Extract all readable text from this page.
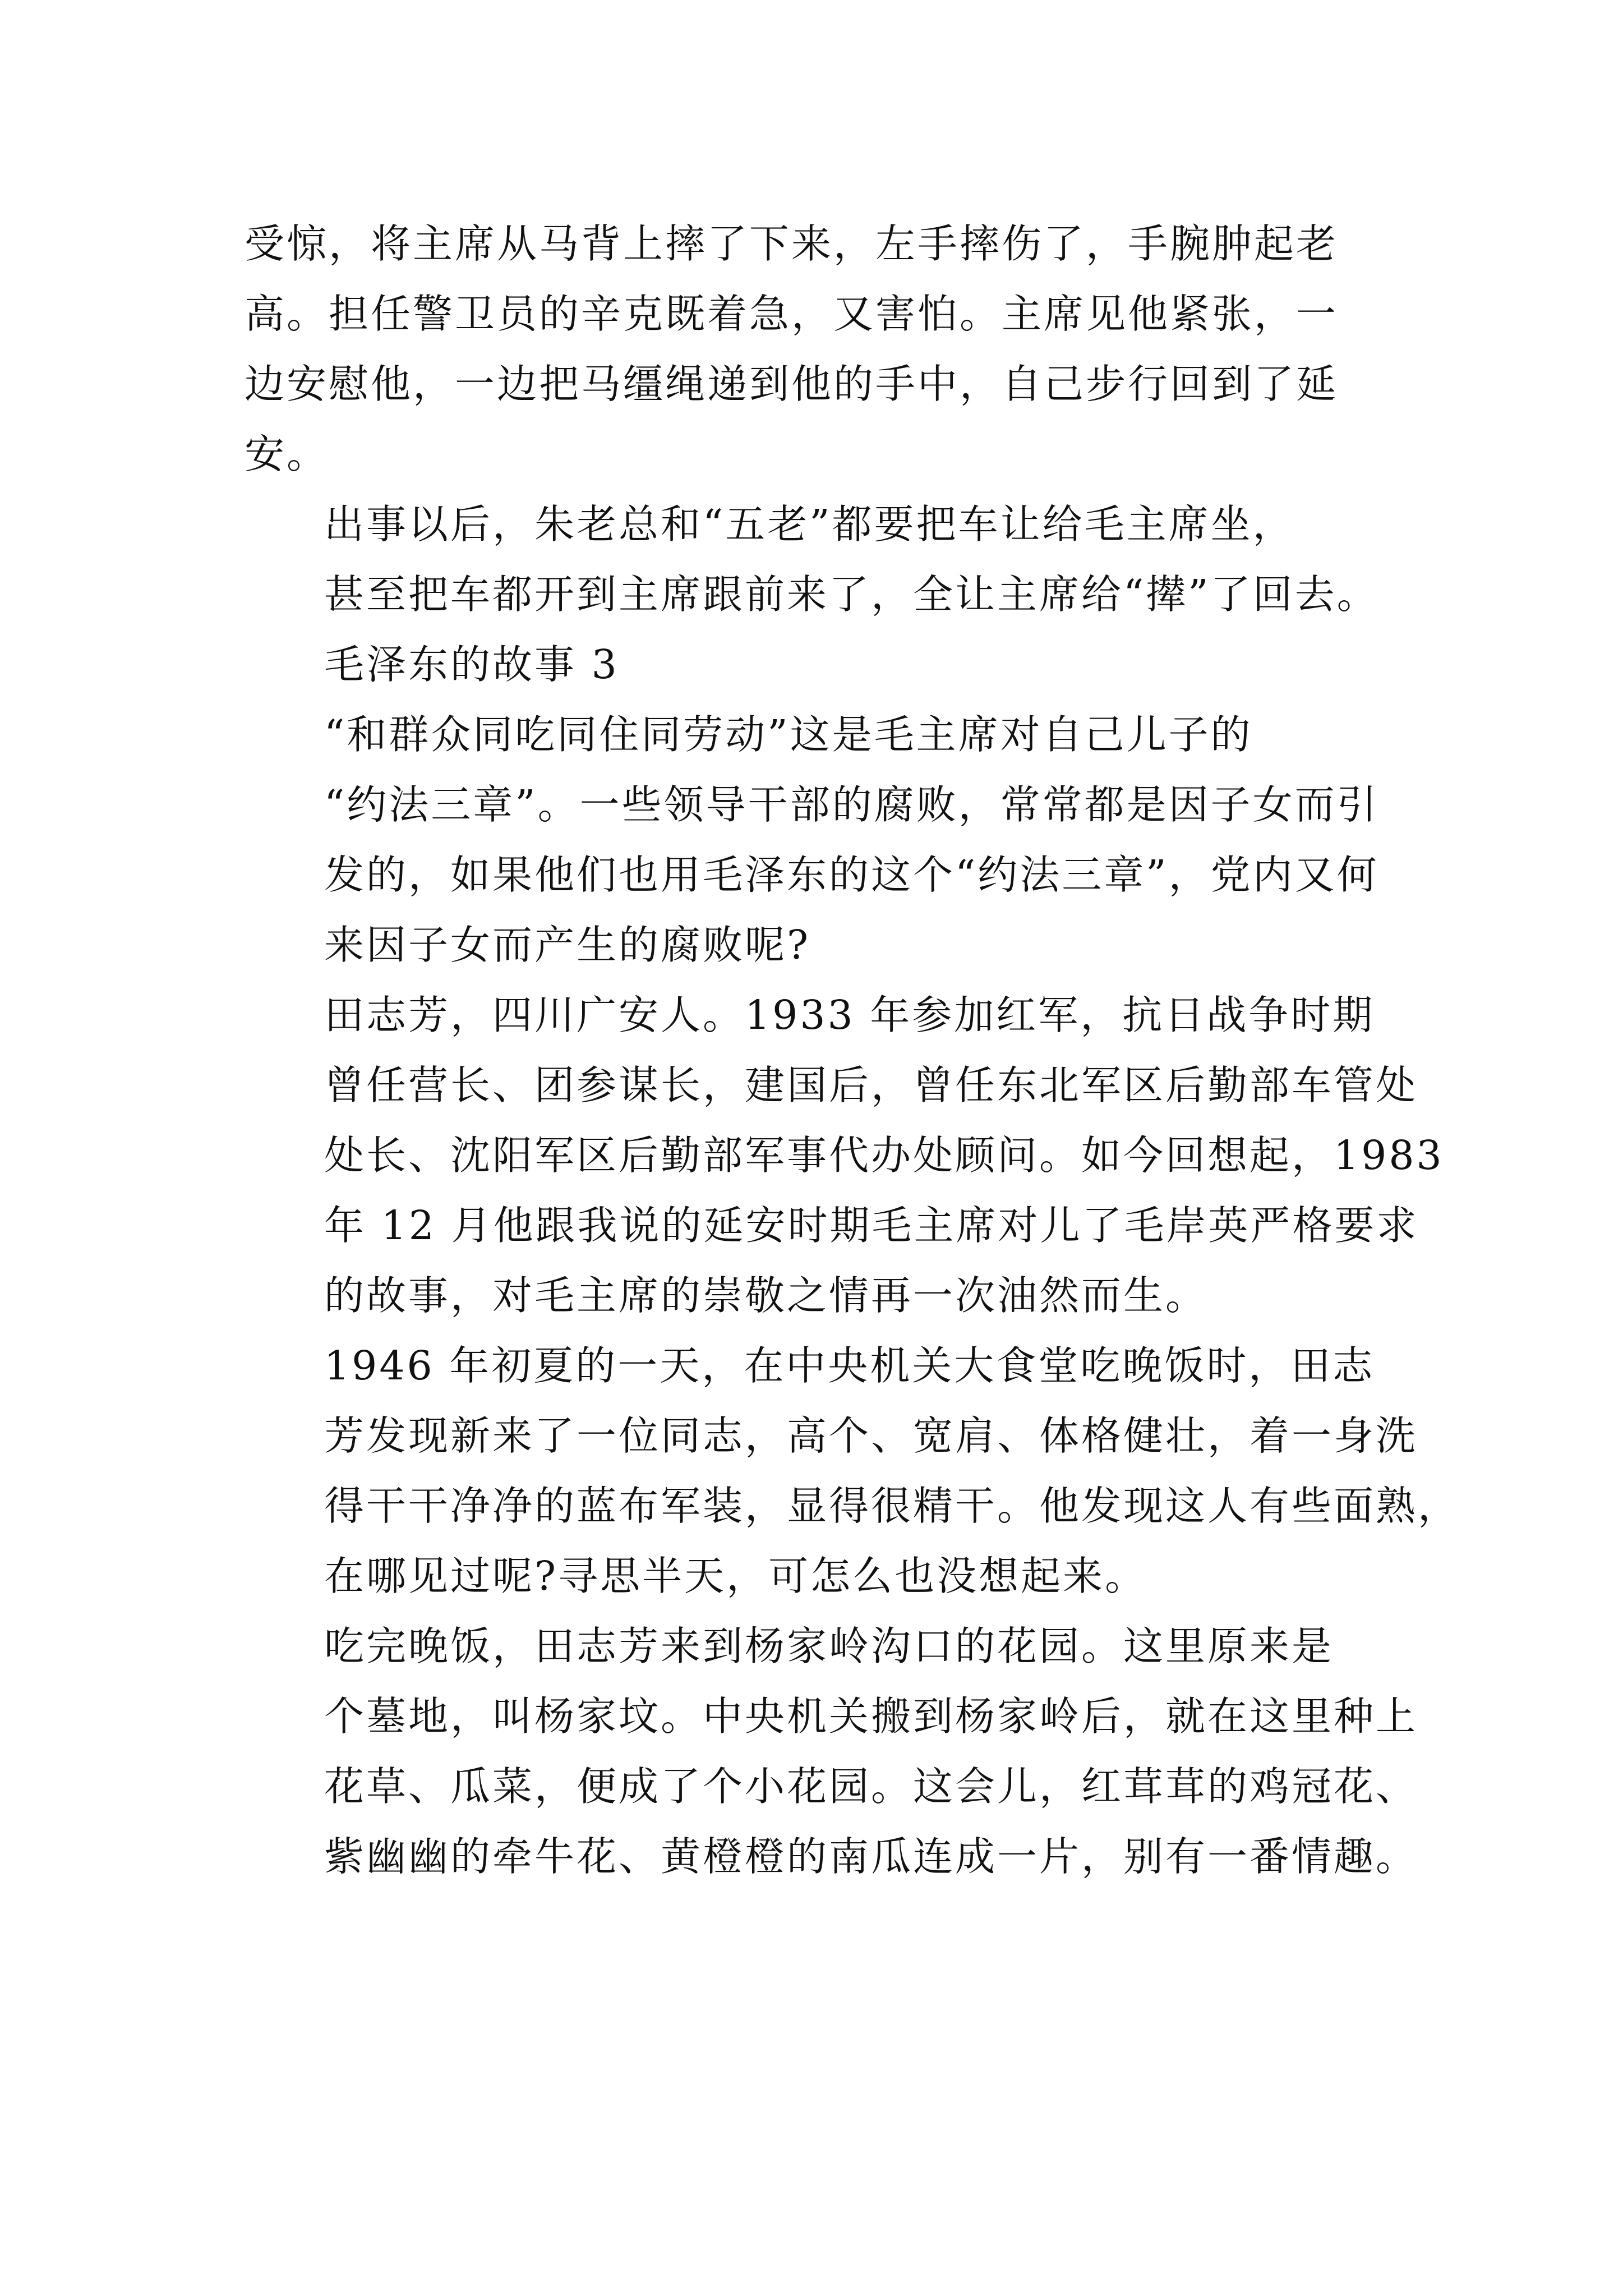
受惊，将主席从马背上摔了下来，左手摔伤了，手腕肿起老
高。担任警卫员的辛克既着急，又害怕。主席见他紧张，一
边安慰他，一边把马缰绳递到他的手中，自己步行回到了延
安。
出事以后，朱老总和“五老”都要把车让给毛主席坐，
甚至把车都开到主席跟前来了，全让主席给“撵”了回去。
毛泽东的故事 3
“和群众同吃同住同劳动”这是毛主席对自己儿子的
“约法三章”。一些领导干部的腐败，常常都是因子女而引
发的，如果他们也用毛泽东的这个“约法三章”，党内又何
来因子女而产生的腐败呢?
田志芳，四川广安人。1933 年参加红军，抗日战争时期
曾任营长、团参谋长，建国后，曾任东北军区后勤部车管处
处长、沈阳军区后勤部军事代办处顾问。如今回想起，1983
年 12 月他跟我说的延安时期毛主席对儿了毛岸英严格要求
的故事，对毛主席的崇敬之情再一次油然而生。
1946 年初夏的一天，在中央机关大食堂吃晚饭时，田志
芳发现新来了一位同志，高个、宽肩、体格健壮，着一身洗
得干干净净的蓝布军装，显得很精干。他发现这人有些面熟，
在哪见过呢?寻思半天，可怎么也没想起来。
吃完晚饭，田志芳来到杨家岭沟口的花园。这里原来是
个墓地，叫杨家坟。中央机关搬到杨家岭后，就在这里种上
花草、瓜菜，便成了个小花园。这会儿，红茸茸的鸡冠花、
紫幽幽的牵牛花、黄橙橙的南瓜连成一片，别有一番情趣。
